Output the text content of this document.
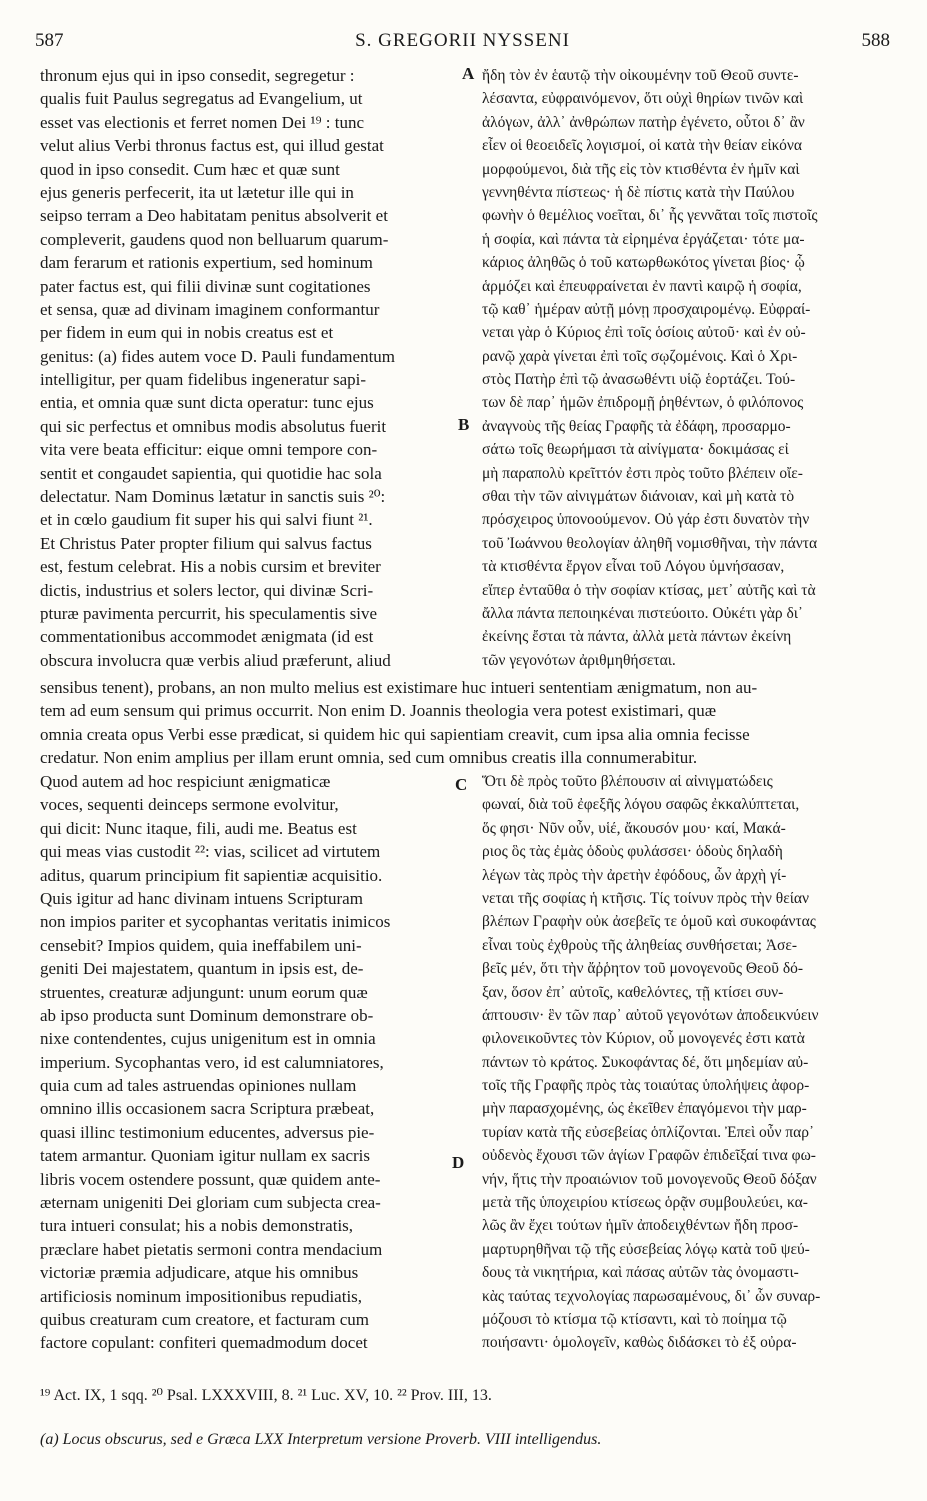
587	S. GREGORII NYSSENI	588
thronum ejus qui in ipso consedit, segregetur :
qualis fuit Paulus segregatus ad Evangelium, ut
esset vas electionis et ferret nomen Dei ¹⁹ : tunc
velut alius Verbi thronus factus est, qui illud gestat
quod in ipso consedit. Cum hæc et quæ sunt
ejus generis perfecerit, ita ut lætetur ille qui in
seipso terram a Deo habitatam penitus absolverit et
compleverit, gaudens quod non belluarum quarum-
dam ferarum et rationis expertium, sed hominum
pater factus est, qui filii divinæ sunt cogitationes
et sensa, quæ ad divinam imaginem conformantur
per fidem in eum qui in nobis creatus est et
genitus: (a) fides autem voce D. Pauli fundamentum
intelligitur, per quam fidelibus ingeneratur sapi-
entia, et omnia quæ sunt dicta operatur: tunc ejus
qui sic perfectus et omnibus modis absolutus fuerit
vita vere beata efficitur: eique omni tempore con-
sentit et congaudet sapientia, qui quotidie hac sola
delectatur. Nam Dominus lætatur in sanctis suis ²⁰:
et in cœlo gaudium fit super his qui salvi fiunt ²¹.
Et Christus Pater propter filium qui salvus factus
est, festum celebrat. His a nobis cursim et breviter
dictis, industrius et solers lector, qui divinæ Scri-
pturæ pavimenta percurrit, his speculamentis sive
commentationibus accommodet ænigmata (id est
obscura involucra quæ verbis aliud præferunt, aliud
A ἤδη τὸν ἐν ἑαυτῷ τὴν οἰκουμένην τοῦ Θεοῦ συντε-
λέσαντα, εὐφραινόμενον, ὅτι οὐχὶ θηρίων τινῶν καὶ
ἀλόγων, ἀλλ᾽ ἀνθρώπων πατὴρ ἐγένετο, οὗτοι δ᾽ ἂν
εἶεν οἱ θεοειδεῖς λογισμοί, οἱ κατὰ τὴν θείαν εἰκόνα
μορφούμενοι, διὰ τῆς εἰς τὸν κτισθέντα ἐν ἡμῖν καὶ
γεννηθέντα πίστεως· ἡ δὲ πίστις κατὰ τὴν Παύλου
φωνὴν ὁ θεμέλιος νοεῖται, δι᾽ ἧς γεννᾶται τοῖς πιστοῖς
ἡ σοφία, καὶ πάντα τὰ εἰρημένα ἐργάζεται· τότε μα-
κάριος ἀληθῶς ὁ τοῦ κατωρθωκότος γίνεται βίος· ᾧ
ἁρμόζει καὶ ἐπευφραίνεται ἐν παντὶ καιρῷ ἡ σοφία,
τῷ καθ᾽ ἡμέραν αὐτῇ μόνῃ προσχαιρομένῳ. Εὐφραί-
νεται γὰρ ὁ Κύριος ἐπὶ τοῖς ὁσίοις αὐτοῦ· καὶ ἐν οὐ-
ρανῷ χαρὰ γίνεται ἐπὶ τοῖς σῳζομένοις. Καὶ ὁ Χρι-
στὸς Πατὴρ ἐπὶ τῷ ἀνασωθέντι υἱῷ ἑορτάζει. Τού-
των δὲ παρ᾽ ἡμῶν ἐπιδρομῇ ῥηθέντων, ὁ φιλόπονος
ἀναγνοὺς τῆς θείας Γραφῆς τὰ ἐδάφη, προσαρμο-
σάτω τοῖς θεωρήμασι τὰ αἰνίγματα· δοκιμάσας εἰ
μὴ παραπολὺ κρεῖττόν ἐστι πρὸς τοῦτο βλέπειν οἴε-
σθαι τὴν τῶν αἰνιγμάτων διάνοιαν, καὶ μὴ κατὰ τὸ
πρόσχειρος ὑπονοούμενον. Οὐ γάρ ἐστι δυνατὸν τὴν
τοῦ Ἰωάννου θεολογίαν ἀληθῆ νομισθῆναι, τὴν πάντα
τὰ κτισθέντα ἔργον εἶναι τοῦ Λόγου ὑμνήσασαν,
εἴπερ ἐνταῦθα ὁ τὴν σοφίαν κτίσας, μετ᾽ αὐτῆς καὶ τὰ
ἄλλα πάντα πεποιηκέναι πιστεύοιτο. Οὐκέτι γὰρ δι᾽
ἐκείνης ἔσται τὰ πάντα, ἀλλὰ μετὰ πάντων ἐκείνη
τῶν γεγονότων ἀριθμηθήσεται.
B
sensibus tenent), probans, an non multo melius est existimare huc intueri sententiam ænigmatum, non au-
tem ad eum sensum qui primus occurrit. Non enim D. Joannis theologia vera potest existimari, quæ
omnia creata opus Verbi esse prædicat, si quidem hic qui sapientiam creavit, cum ipsa alia omnia fecisse
credatur. Non enim amplius per illam erunt omnia, sed cum omnibus creatis illa connumerabitur.
Quod autem ad hoc respiciunt ænigmaticæ
voces, sequenti deinceps sermone evolvitur,
qui dicit: Nunc itaque, fili, audi me. Beatus est
qui meas vias custodit ²²: vias, scilicet ad virtutem
aditus, quarum principium fit sapientiæ acquisitio.
Quis igitur ad hanc divinam intuens Scripturam
non impios pariter et sycophantas veritatis inimicos
censebit? Impios quidem, quia ineffabilem uni-
geniti Dei majestatem, quantum in ipsis est, de-
struentes, creaturæ adjungunt: unum eorum quæ
ab ipso producta sunt Dominum demonstrare ob-
nixe contendentes, cujus unigenitum est in omnia
imperium. Sycophantas vero, id est calumniatores,
quia cum ad tales astruendas opiniones nullam
omnino illis occasionem sacra Scriptura præbeat,
quasi illinc testimonium educentes, adversus pie-
tatem armantur. Quoniam igitur nullam ex sacris
libris vocem ostendere possunt, quæ quidem ante-
æternam unigeniti Dei gloriam cum subjecta crea-
tura intueri consulat; his a nobis demonstratis,
præclare habet pietatis sermoni contra mendacium
victoriæ præmia adjudicare, atque his omnibus
artificiosis nominum impositionibus repudiatis,
quibus creaturam cum creatore, et facturam cum
factore copulant: confiteri quemadmodum docet
C Ὅτι δὲ πρὸς τοῦτο βλέπουσιν αἱ αἰνιγματώδεις
φωναί, διὰ τοῦ ἐφεξῆς λόγου σαφῶς ἐκκαλύπτεται,
ὅς φησι· Νῦν οὖν, υἱέ, ἄκουσόν μου· καί, Μακά-
ριος ὃς τὰς ἐμὰς ὁδοὺς φυλάσσει· ὁδοὺς δηλαδὴ
λέγων τὰς πρὸς τὴν ἀρετὴν ἐφόδους, ὧν ἀρχὴ γί-
νεται τῆς σοφίας ἡ κτῆσις. Τίς τοίνυν πρὸς τὴν θείαν
βλέπων Γραφὴν οὐκ ἀσεβεῖς τε ὁμοῦ καὶ συκοφάντας
εἶναι τοὺς ἐχθροὺς τῆς ἀληθείας συνθήσεται; Ἀσε-
βεῖς μέν, ὅτι τὴν ἄῤῥητον τοῦ μονογενοῦς Θεοῦ δό-
ξαν, ὅσον ἐπ᾽ αὐτοῖς, καθελόντες, τῇ κτίσει συν-
άπτουσιν· ἓν τῶν παρ᾽ αὐτοῦ γεγονότων ἀποδεικνύειν
φιλονεικοῦντες τὸν Κύριον, οὗ μονογενές ἐστι κατὰ
πάντων τὸ κράτος. Συκοφάντας δέ, ὅτι μηδεμίαν αὐ-
τοῖς τῆς Γραφῆς πρὸς τὰς τοιαύτας ὑπολήψεις ἀφορ-
μὴν παρασχομένης, ὡς ἐκεῖθεν ἐπαγόμενοι τὴν μαρ-
τυρίαν κατὰ τῆς εὐσεβείας ὁπλίζονται. Ἐπεὶ οὖν παρ᾽
οὐδενὸς ἔχουσι τῶν ἁγίων Γραφῶν ἐπιδεῖξαί τινα φω-
νήν, ἥτις τὴν προαιώνιον τοῦ μονογενοῦς Θεοῦ δόξαν
μετὰ τῆς ὑποχειρίου κτίσεως ὁρᾷν συμβουλεύει, κα-
λῶς ἂν ἔχει τούτων ἡμῖν ἀποδειχθέντων ἤδη προσ-
μαρτυρηθῆναι τῷ τῆς εὐσεβείας λόγῳ κατὰ τοῦ ψεύ-
δους τὰ νικητήρια, καὶ πάσας αὐτῶν τὰς ὀνομαστι-
κὰς ταύτας τεχνολογίας παρωσαμένους, δι᾽ ὧν συναρ-
μόζουσι τὸ κτίσμα τῷ κτίσαντι, καὶ τὸ ποίημα τῷ
ποιήσαντι· ὁμολογεῖν, καθὼς διδάσκει τὸ ἐξ οὐρα-
D
¹⁹ Act. IX, 1 sqq. ²⁰ Psal. LXXXVIII, 8. ²¹ Luc. XV, 10. ²² Prov. III, 13.
(a) Locus obscurus, sed e Græca LXX Interpretum versione Proverb. VIII intelligendus.
